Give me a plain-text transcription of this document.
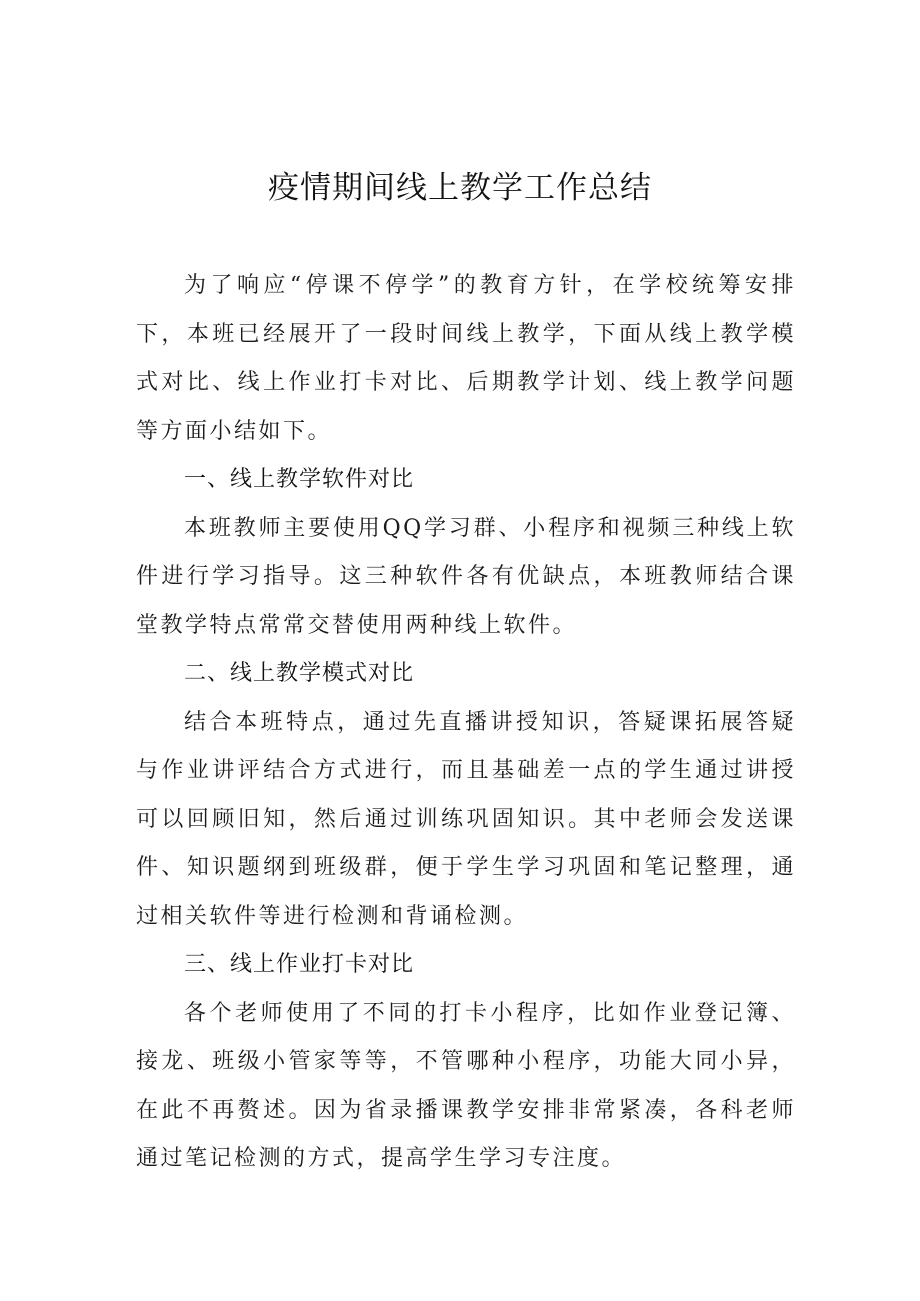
疫情期间线上教学工作总结

为了响应“停课不停学”的教育方针，在学校统筹安排下，本班已经展开了一段时间线上教学，下面从线上教学模式对比、线上作业打卡对比、后期教学计划、线上教学问题等方面小结如下。

一、线上教学软件对比

本班教师主要使用QQ学习群、小程序和视频三种线上软件进行学习指导。这三种软件各有优缺点，本班教师结合课堂教学特点常常交替使用两种线上软件。

二、线上教学模式对比

结合本班特点，通过先直播讲授知识，答疑课拓展答疑与作业讲评结合方式进行，而且基础差一点的学生通过讲授可以回顾旧知，然后通过训练巩固知识。其中老师会发送课件、知识题纲到班级群，便于学生学习巩固和笔记整理，通过相关软件等进行检测和背诵检测。

三、线上作业打卡对比

各个老师使用了不同的打卡小程序，比如作业登记簿、接龙、班级小管家等等，不管哪种小程序，功能大同小异，在此不再赘述。因为省录播课教学安排非常紧凑，各科老师通过笔记检测的方式，提高学生学习专注度。
